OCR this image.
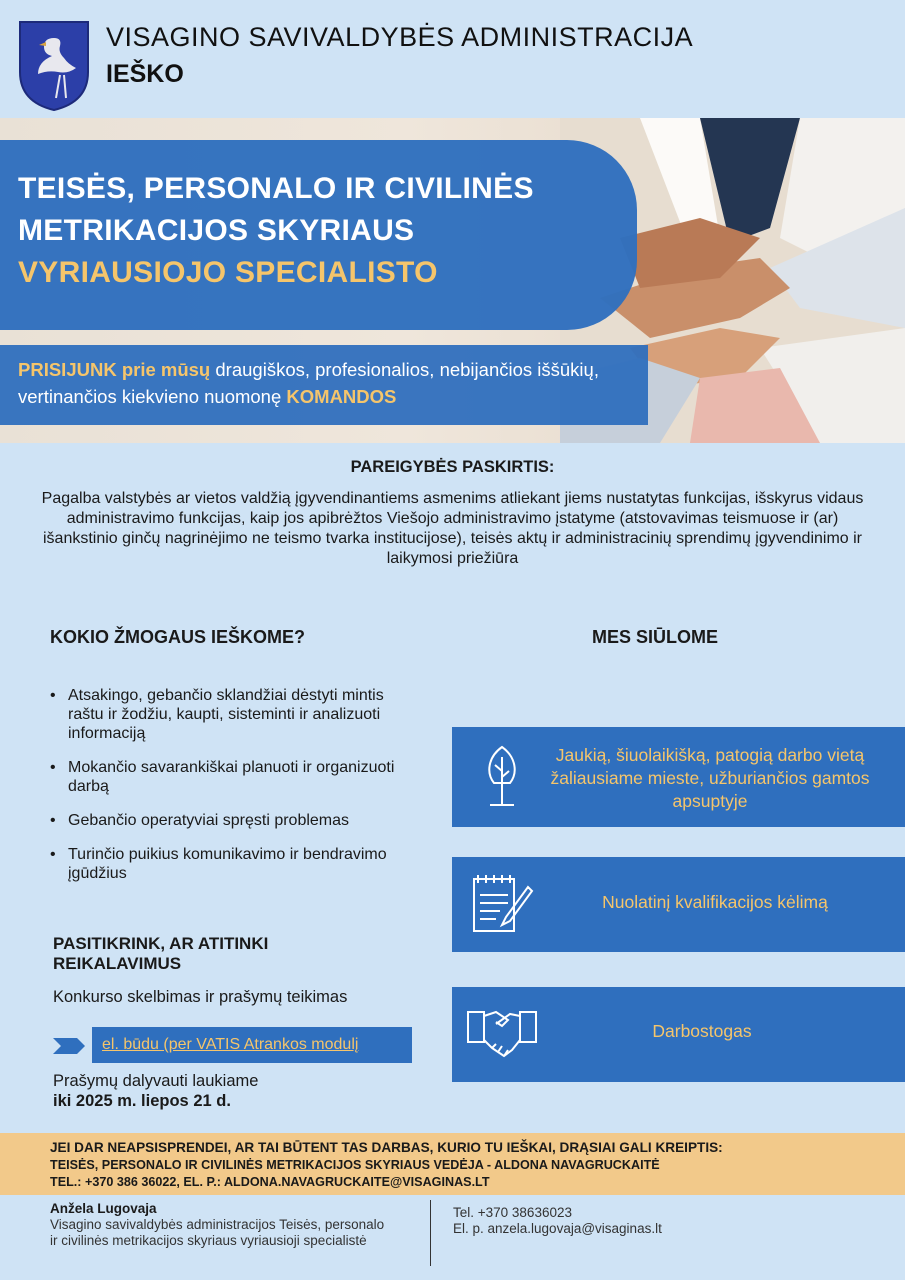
VISAGINO SAVIVALDYBĖS ADMINISTRACIJA
IEŠKO
TEISĖS, PERSONALO IR CIVILINĖS
METRIKACIJOS SKYRIAUS
VYRIAUSIOJO SPECIALISTO
PRISIJUNK prie mūsų draugiškos, profesionalios, nebijančios iššūkių, vertinančios kiekvieno nuomonę KOMANDOS
PAREIGYBĖS PASKIRTIS:
Pagalba valstybės ar vietos valdžią įgyvendinantiems asmenims atliekant jiems nustatytas funkcijas, išskyrus vidaus administravimo funkcijas, kaip jos apibrėžtos Viešojo administravimo įstatyme (atstovavimas teismuose ir (ar) išankstinio ginčų nagrinėjimo ne teismo tvarka institucijose), teisės aktų ir administracinių sprendimų įgyvendinimo ir laikymosi priežiūra
KOKIO ŽMOGAUS IEŠKOME?
• Atsakingo, gebančio sklandžiai dėstyti mintis raštu ir žodžiu, kaupti, sisteminti ir analizuoti informaciją
• Mokančio savarankiškai planuoti ir organizuoti darbą
• Gebančio operatyviai spręsti problemas
• Turinčio puikius komunikavimo ir bendravimo įgūdžius
MES SIŪLOME
Jaukią, šiuolaikišką, patogią darbo vietą žaliausiame mieste, užburiančios gamtos apsuptyje
Nuolatinį kvalifikacijos kėlimą
Darbostogas
PASITIKRINK, AR ATITINKI REIKALAVIMUS
Konkurso skelbimas ir prašymų teikimas
el. būdu (per VATIS Atrankos modulį
Prašymų dalyvauti laukiame
iki 2025 m. liepos 21 d.
JEI DAR NEAPSISPRENDEI, AR TAI BŪTENT TAS DARBAS, KURIO TU IEŠKAI, DRĄSIAI GALI KREIPTIS:
TEISĖS, PERSONALO IR CIVILINĖS METRIKACIJOS SKYRIAUS VEDĖJA - ALDONA NAVAGRUCKAITĖ
TEL.: +370 386 36022, EL. P.: ALDONA.NAVAGRUCKAITE@VISAGINAS.LT
Anžela Lugovaja
Visagino savivaldybės administracijos Teisės, personalo ir civilinės metrikacijos skyriaus vyriausioji specialistė
Tel. +370 38636023
El. p. anzela.lugovaja@visaginas.lt
